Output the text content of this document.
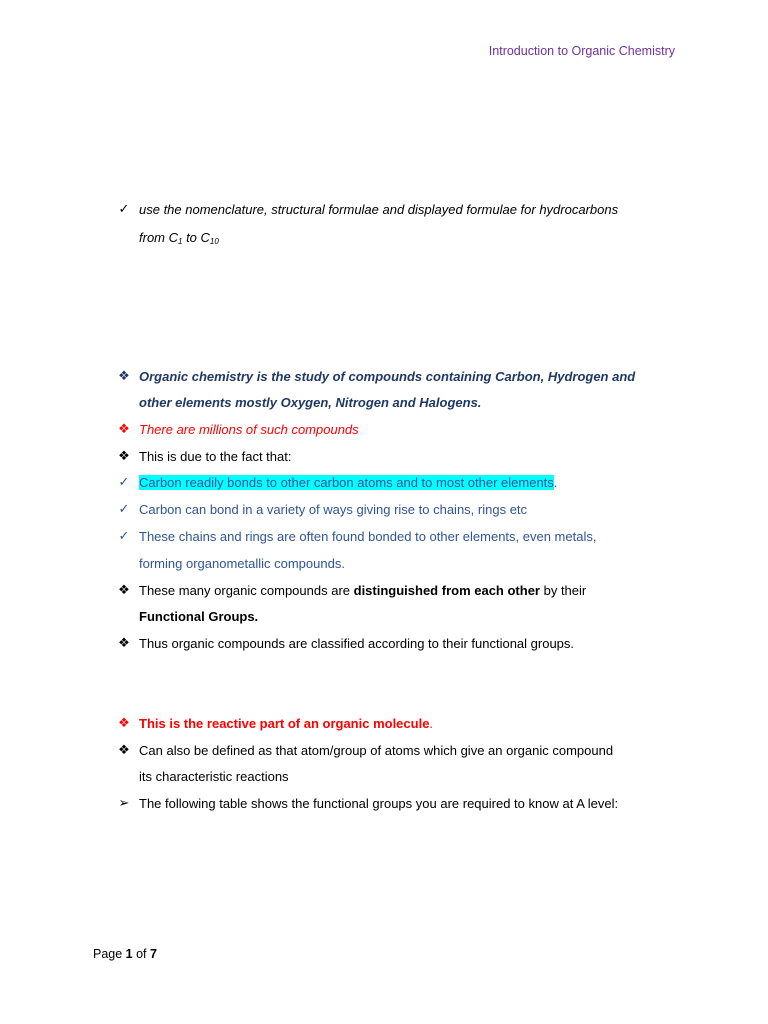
Introduction to Organic Chemistry
✓ use the nomenclature, structural formulae and displayed formulae for hydrocarbons
from $C_1$ to $C_{10}$
❖ Organic chemistry is the study of compounds containing Carbon, Hydrogen and
other elements mostly Oxygen, Nitrogen and Halogens.
❖ There are millions of such compounds
❖ This is due to the fact that:
✓ Carbon readily bonds to other carbon atoms and to most other elements.
✓ Carbon can bond in a variety of ways giving rise to chains, rings etc
✓ These chains and rings are often found bonded to other elements, even metals,
forming organometallic compounds.
❖ These many organic compounds are distinguished from each other by their
Functional Groups.
❖ Thus organic compounds are classified according to their functional groups.
❖ This is the reactive part of an organic molecule.
❖ Can also be defined as that atom/group of atoms which give an organic compound
its characteristic reactions
➢ The following table shows the functional groups you are required to know at A level:
Page 1 of 7
